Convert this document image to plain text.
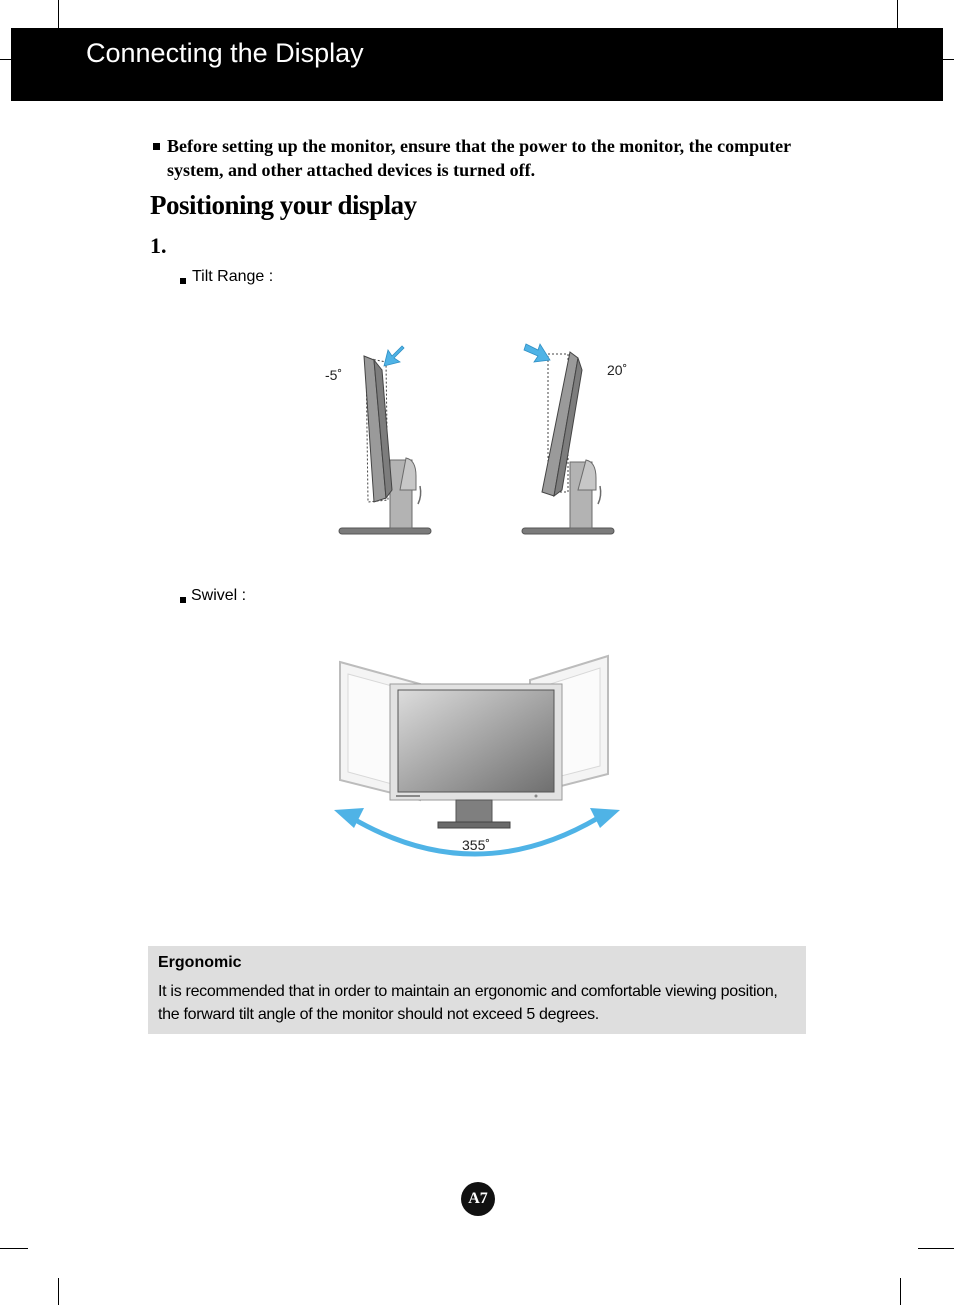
Connecting the Display
Before setting up the monitor, ensure that the power to the monitor, the computer system, and other attached devices is turned off.
Positioning your display
1.
Tilt Range :
-5˚	20˚
Swivel :
355˚
Ergonomic
It is recommended that in order to maintain an ergonomic and comfortable viewing position, the forward tilt angle of the monitor should not exceed 5 degrees.
A7
